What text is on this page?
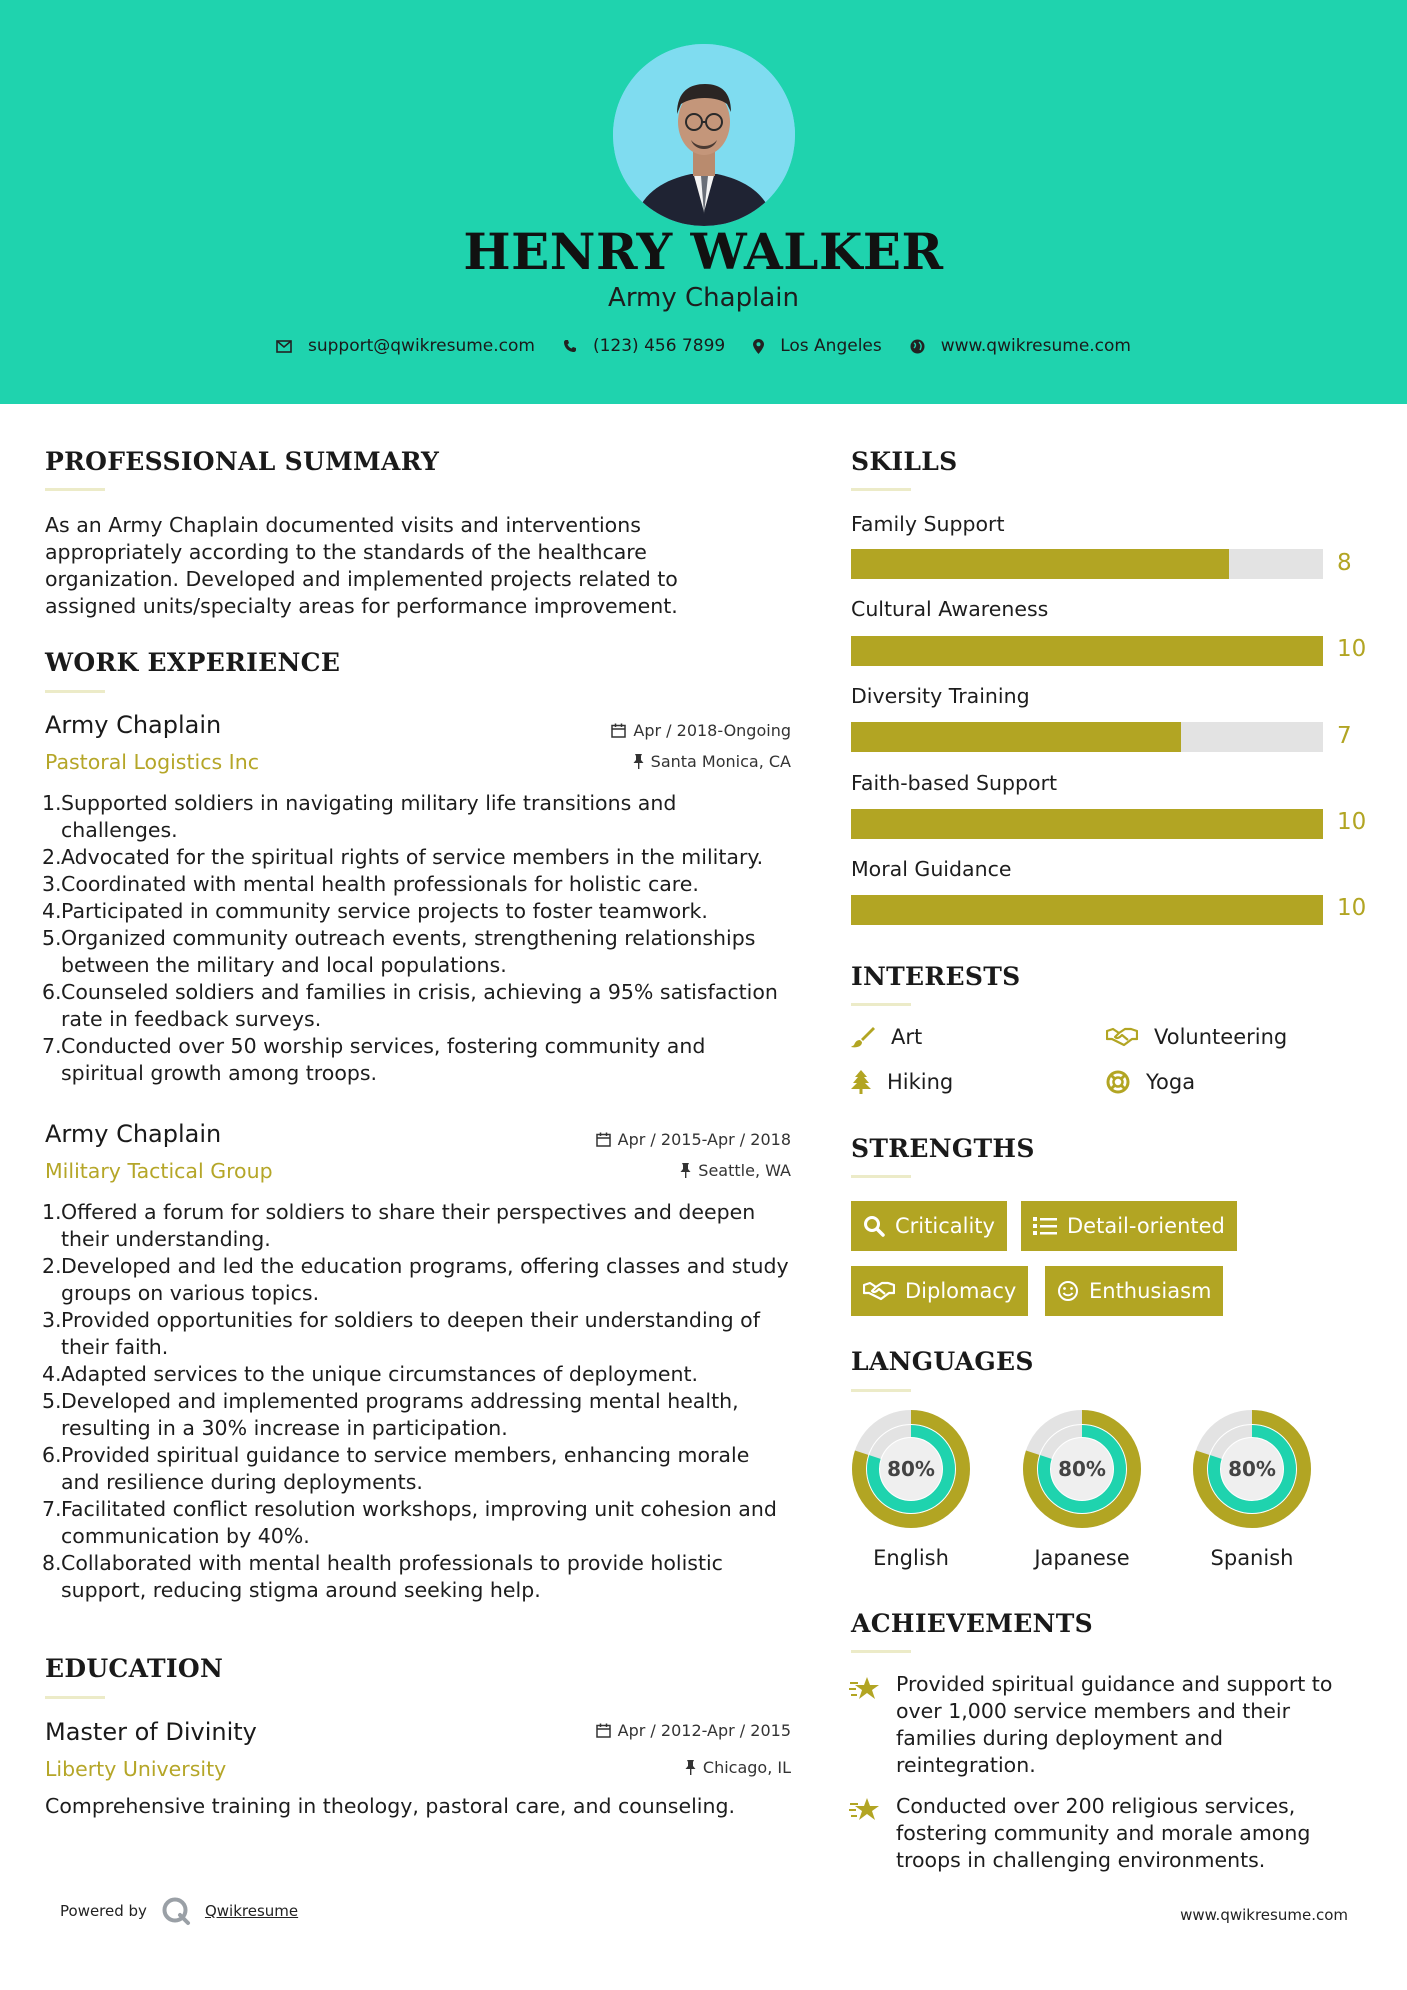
HENRY WALKER
Army Chaplain
support@qwikresume.com	(123) 456 7899	Los Angeles	www.qwikresume.com
PROFESSIONAL SUMMARY
As an Army Chaplain documented visits and interventions appropriately according to the standards of the healthcare organization. Developed and implemented projects related to assigned units/specialty areas for performance improvement.
WORK EXPERIENCE
Army Chaplain	Apr / 2018-Ongoing
Pastoral Logistics Inc	Santa Monica, CA
1. Supported soldiers in navigating military life transitions and challenges.
2. Advocated for the spiritual rights of service members in the military.
3. Coordinated with mental health professionals for holistic care.
4. Participated in community service projects to foster teamwork.
5. Organized community outreach events, strengthening relationships between the military and local populations.
6. Counseled soldiers and families in crisis, achieving a 95% satisfaction rate in feedback surveys.
7. Conducted over 50 worship services, fostering community and spiritual growth among troops.
Army Chaplain	Apr / 2015-Apr / 2018
Military Tactical Group	Seattle, WA
1. Offered a forum for soldiers to share their perspectives and deepen their understanding.
2. Developed and led the education programs, offering classes and study groups on various topics.
3. Provided opportunities for soldiers to deepen their understanding of their faith.
4. Adapted services to the unique circumstances of deployment.
5. Developed and implemented programs addressing mental health, resulting in a 30% increase in participation.
6. Provided spiritual guidance to service members, enhancing morale and resilience during deployments.
7. Facilitated conflict resolution workshops, improving unit cohesion and communication by 40%.
8. Collaborated with mental health professionals to provide holistic support, reducing stigma around seeking help.
EDUCATION
Master of Divinity	Apr / 2012-Apr / 2015
Liberty University	Chicago, IL
Comprehensive training in theology, pastoral care, and counseling.
SKILLS
Family Support
8
Cultural Awareness
10
Diversity Training
7
Faith-based Support
10
Moral Guidance
10
INTERESTS
Art	Volunteering
Hiking	Yoga
STRENGTHS
Criticality	Detail-oriented
Diplomacy	Enthusiasm
LANGUAGES
80%
English
80%
Japanese
80%
Spanish
ACHIEVEMENTS
Provided spiritual guidance and support to over 1,000 service members and their families during deployment and reintegration.
Conducted over 200 religious services, fostering community and morale among troops in challenging environments.
Powered by	Qwikresume	www.qwikresume.com
